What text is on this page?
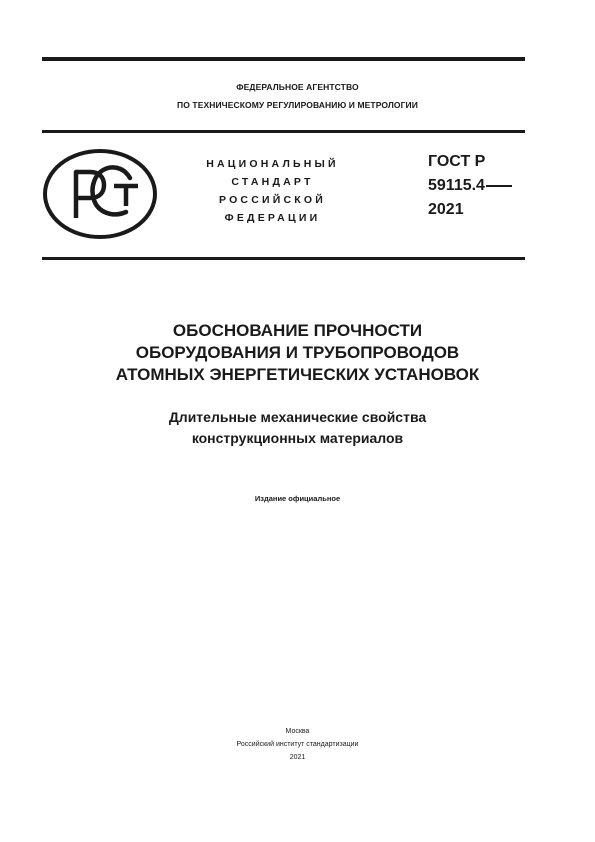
ФЕДЕРАЛЬНОЕ АГЕНТСТВО
ПО ТЕХНИЧЕСКОМУ РЕГУЛИРОВАНИЮ И МЕТРОЛОГИИ
НАЦИОНАЛЬНЫЙ
СТАНДАРТ
РОССИЙСКОЙ
ФЕДЕРАЦИИ
ГОСТ Р
59115.4
2021
ОБОСНОВАНИЕ ПРОЧНОСТИ
ОБОРУДОВАНИЯ И ТРУБОПРОВОДОВ
АТОМНЫХ ЭНЕРГЕТИЧЕСКИХ УСТАНОВОК
Длительные механические свойства
конструкционных материалов
Издание официальное
Москва
Российский институт стандартизации
2021
